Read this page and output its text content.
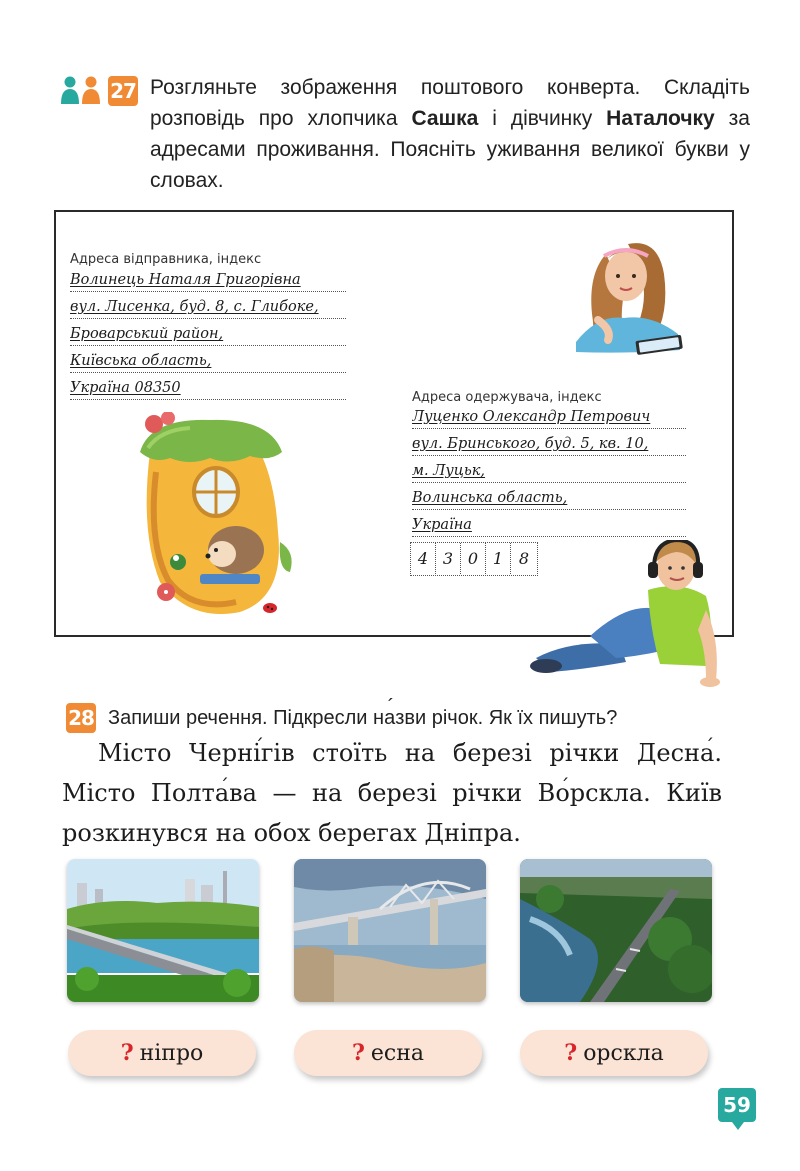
27 Розгляньте зображення поштового конверта. Складіть розповідь про хлопчика Сашка і дівчинку Наталочку за адресами проживання. Поясніть уживання великої букви у словах.

Адреса відправника, індекс
Волинець Наталя Григорівна
вул. Лисенка, буд. 8, с. Глибоке,
Броварський район,
Київська область,
Україна 08350
Адреса одержувача, індекс
Луценко Олександр Петрович
вул. Бринського, буд. 5, кв. 10,
м. Луцьк,
Волинська область,
Україна
4 3 0 1 8
28 Запиши речення. Підкресли на ´зви річок. Як їх пишуть?

Місто Черні ´гів стоїть на березі річки Десна ´. Місто Полта ´ва — на березі річки Во ´рскла. Київ розкинувся на обох берегах Дніпра.

? ніпро	? есна	? орскла
59
